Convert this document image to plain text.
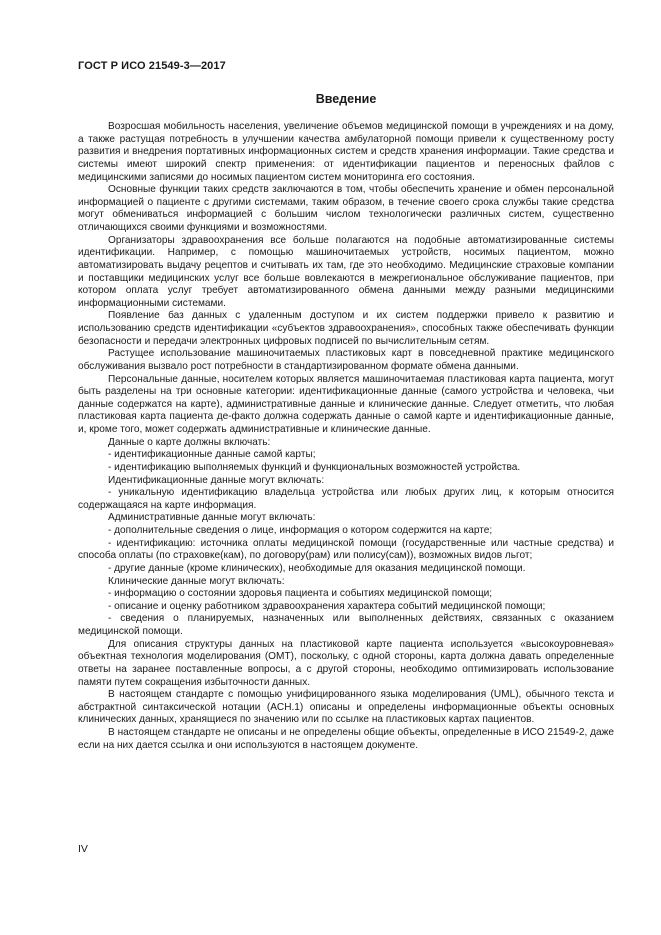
ГОСТ Р ИСО 21549-3—2017
Введение

Возросшая мобильность населения, увеличение объемов медицинской помощи в учреждениях и на дому, а также растущая потребность в улучшении качества амбулаторной помощи привели к существенному росту развития и внедрения портативных информационных систем и средств хранения информации. Такие средства и системы имеют широкий спектр применения: от идентификации пациентов и переносных файлов с медицинскими записями до носимых пациентом систем мониторинга его состояния.

Основные функции таких средств заключаются в том, чтобы обеспечить хранение и обмен персональной информацией о пациенте с другими системами, таким образом, в течение своего срока службы такие средства могут обмениваться информацией с большим числом технологически различных систем, существенно отличающихся своими функциями и возможностями.

Организаторы здравоохранения все больше полагаются на подобные автоматизированные системы идентификации. Например, с помощью машиночитаемых устройств, носимых пациентом, можно автоматизировать выдачу рецептов и считывать их там, где это необходимо. Медицинские страховые компании и поставщики медицинских услуг все больше вовлекаются в межрегиональное обслуживание пациентов, при котором оплата услуг требует автоматизированного обмена данными между разными медицинскими информационными системами.

Появление баз данных с удаленным доступом и их систем поддержки привело к развитию и использованию средств идентификации «субъектов здравоохранения», способных также обеспечивать функции безопасности и передачи электронных цифровых подписей по вычислительным сетям.

Растущее использование машиночитаемых пластиковых карт в повседневной практике медицинского обслуживания вызвало рост потребности в стандартизированном формате обмена данными.

Персональные данные, носителем которых является машиночитаемая пластиковая карта пациента, могут быть разделены на три основные категории: идентификационные данные (самого устройства и человека, чьи данные содержатся на карте), административные данные и клинические данные. Следует отметить, что любая пластиковая карта пациента де-факто должна содержать данные о самой карте и идентификационные данные, и, кроме того, может содержать административные и клинические данные.

Данные о карте должны включать:

- идентификационные данные самой карты;

- идентификацию выполняемых функций и функциональных возможностей устройства.

Идентификационные данные могут включать:

- уникальную идентификацию владельца устройства или любых других лиц, к которым относится содержащаяся на карте информация.

Административные данные могут включать:

- дополнительные сведения о лице, информация о котором содержится на карте;

- идентификацию: источника оплаты медицинской помощи (государственные или частные средства) и способа оплаты (по страховке(кам), по договору(рам) или полису(сам)), возможных видов льгот;

- другие данные (кроме клинических), необходимые для оказания медицинской помощи.

Клинические данные могут включать:

- информацию о состоянии здоровья пациента и событиях медицинской помощи;

- описание и оценку работником здравоохранения характера событий медицинской помощи;

- сведения о планируемых, назначенных или выполненных действиях, связанных с оказанием медицинской помощи.

Для описания структуры данных на пластиковой карте пациента используется «высокоуровневая» объектная технология моделирования (ОМТ), поскольку, с одной стороны, карта должна давать определенные ответы на заранее поставленные вопросы, а с другой стороны, необходимо оптимизировать использование памяти путем сокращения избыточности данных.

В настоящем стандарте с помощью унифицированного языка моделирования (UML), обычного текста и абстрактной синтаксической нотации (ACH.1) описаны и определены информационные объекты основных клинических данных, хранящиеся по значению или по ссылке на пластиковых картах пациентов.

В настоящем стандарте не описаны и не определены общие объекты, определенные в ИСО 21549-2, даже если на них дается ссылка и они используются в настоящем документе.

IV
